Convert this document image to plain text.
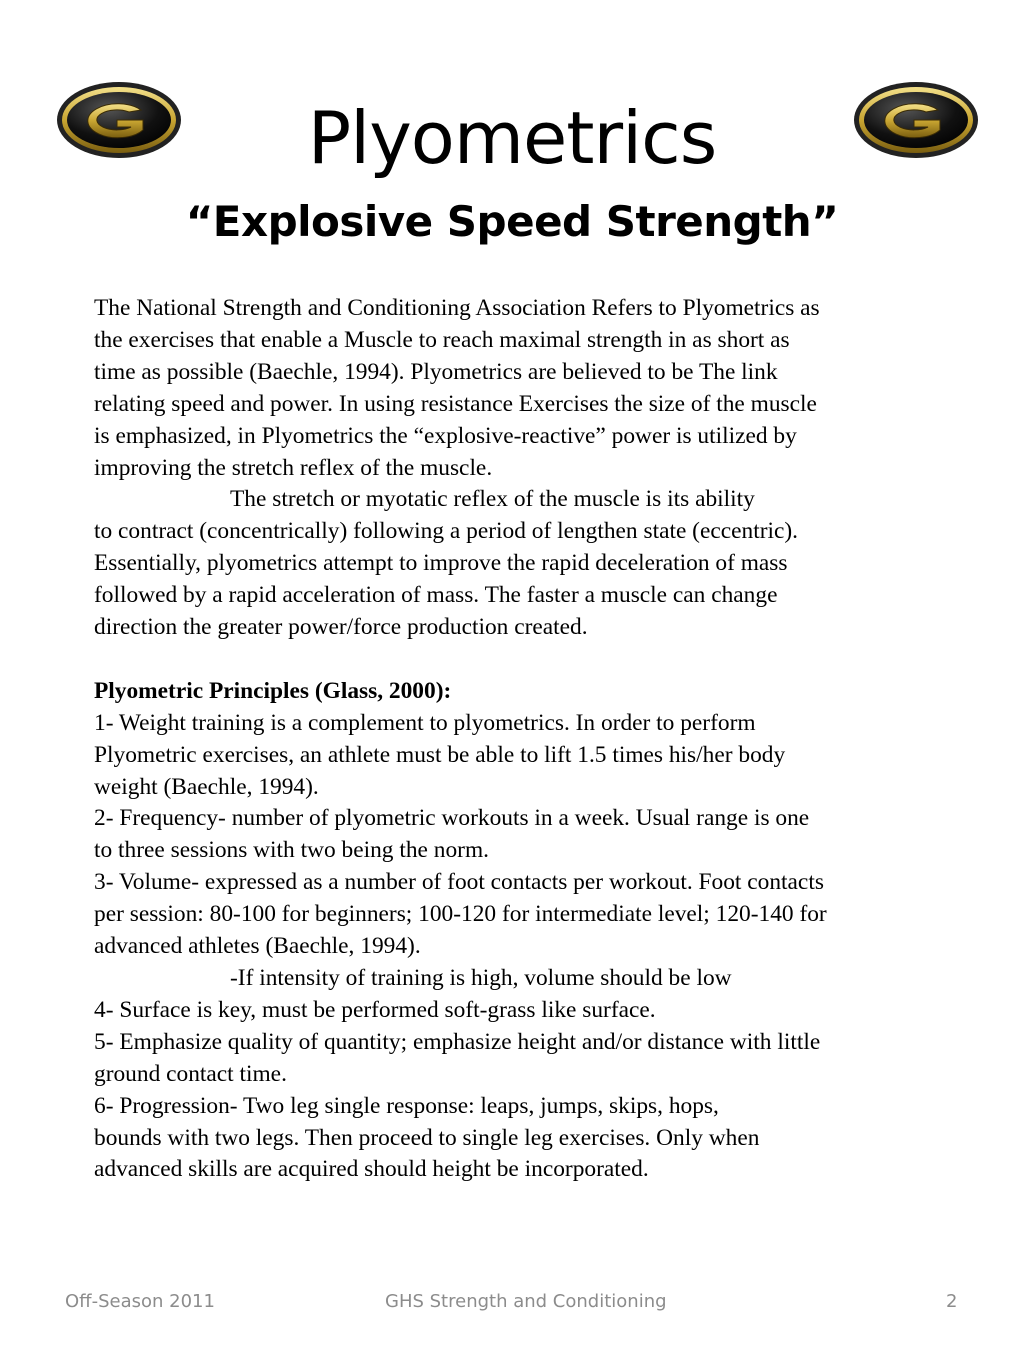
Plyometrics
“Explosive Speed Strength”

The National Strength and Conditioning Association Refers to Plyometrics as

the exercises that enable a Muscle to reach maximal strength in as short as

time as possible (Baechle, 1994). Plyometrics are believed to be The link

relating speed and power. In using resistance Exercises the size of the muscle

is emphasized, in Plyometrics the “explosive-reactive” power is utilized by

improving the stretch reflex of the muscle.

The stretch or myotatic reflex of the muscle is its ability

to contract (concentrically) following a period of lengthen state (eccentric).

Essentially, plyometrics attempt to improve the rapid deceleration of mass

followed by a rapid acceleration of mass. The faster a muscle can change

direction the greater power/force production created.

Plyometric Principles (Glass, 2000):

1- Weight training is a complement to plyometrics. In order to perform

Plyometric exercises, an athlete must be able to lift 1.5 times his/her body

weight (Baechle, 1994).

2- Frequency- number of plyometric workouts in a week. Usual range is one

to three sessions with two being the norm.

3- Volume- expressed as a number of foot contacts per workout. Foot contacts

per session: 80-100 for beginners; 100-120 for intermediate level; 120-140 for

advanced athletes (Baechle, 1994).

-If intensity of training is high, volume should be low

4- Surface is key, must be performed soft-grass like surface.

5- Emphasize quality of quantity; emphasize height and/or distance with little

ground contact time.

6- Progression- Two leg single response: leaps, jumps, skips, hops,

bounds with two legs. Then proceed to single leg exercises. Only when

advanced skills are acquired should height be incorporated.

Off-Season 2011	GHS Strength and Conditioning	2
